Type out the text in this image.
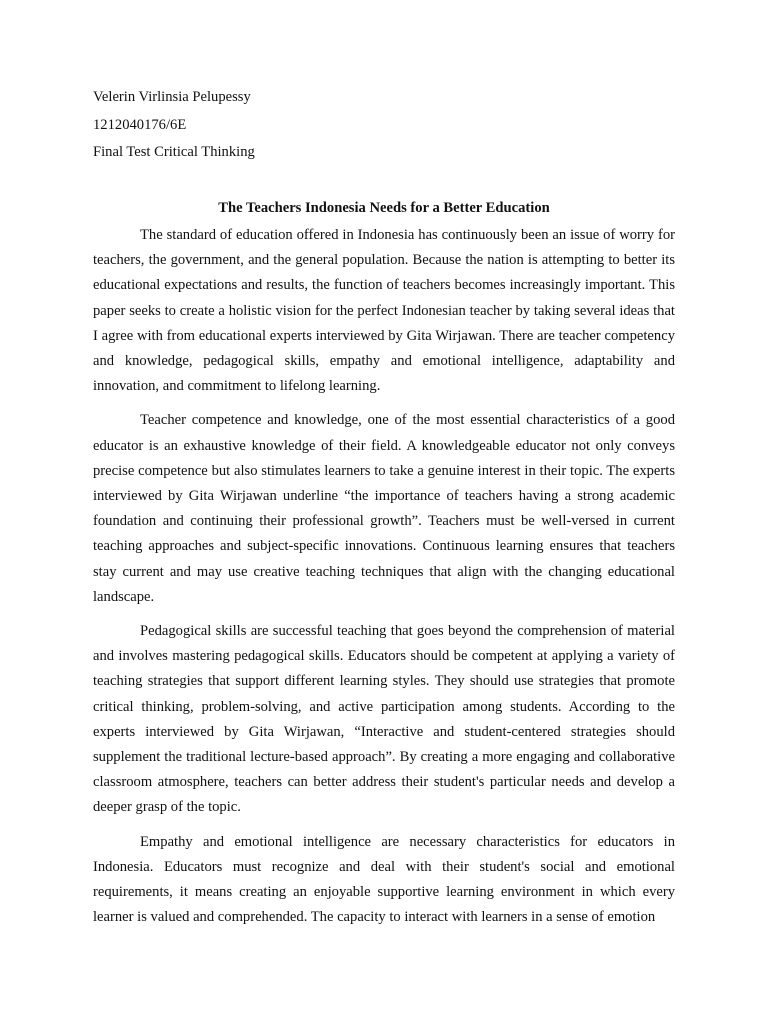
Velerin Virlinsia Pelupessy

1212040176/6E

Final Test Critical Thinking

The Teachers Indonesia Needs for a Better Education

The standard of education offered in Indonesia has continuously been an issue of worry for teachers, the government, and the general population. Because the nation is attempting to better its educational expectations and results, the function of teachers becomes increasingly important. This paper seeks to create a holistic vision for the perfect Indonesian teacher by taking several ideas that I agree with from educational experts interviewed by Gita Wirjawan. There are teacher competency and knowledge, pedagogical skills, empathy and emotional intelligence, adaptability and innovation, and commitment to lifelong learning.

Teacher competence and knowledge, one of the most essential characteristics of a good educator is an exhaustive knowledge of their field. A knowledgeable educator not only conveys precise competence but also stimulates learners to take a genuine interest in their topic. The experts interviewed by Gita Wirjawan underline “the importance of teachers having a strong academic foundation and continuing their professional growth”. Teachers must be well-versed in current teaching approaches and subject-specific innovations. Continuous learning ensures that teachers stay current and may use creative teaching techniques that align with the changing educational landscape.

Pedagogical skills are successful teaching that goes beyond the comprehension of material and involves mastering pedagogical skills. Educators should be competent at applying a variety of teaching strategies that support different learning styles. They should use strategies that promote critical thinking, problem-solving, and active participation among students. According to the experts interviewed by Gita Wirjawan, “Interactive and student-centered strategies should supplement the traditional lecture-based approach”. By creating a more engaging and collaborative classroom atmosphere, teachers can better address their student's particular needs and develop a deeper grasp of the topic.

Empathy and emotional intelligence are necessary characteristics for educators in Indonesia. Educators must recognize and deal with their student's social and emotional requirements, it means creating an enjoyable supportive learning environment in which every learner is valued and comprehended. The capacity to interact with learners in a sense of emotion
